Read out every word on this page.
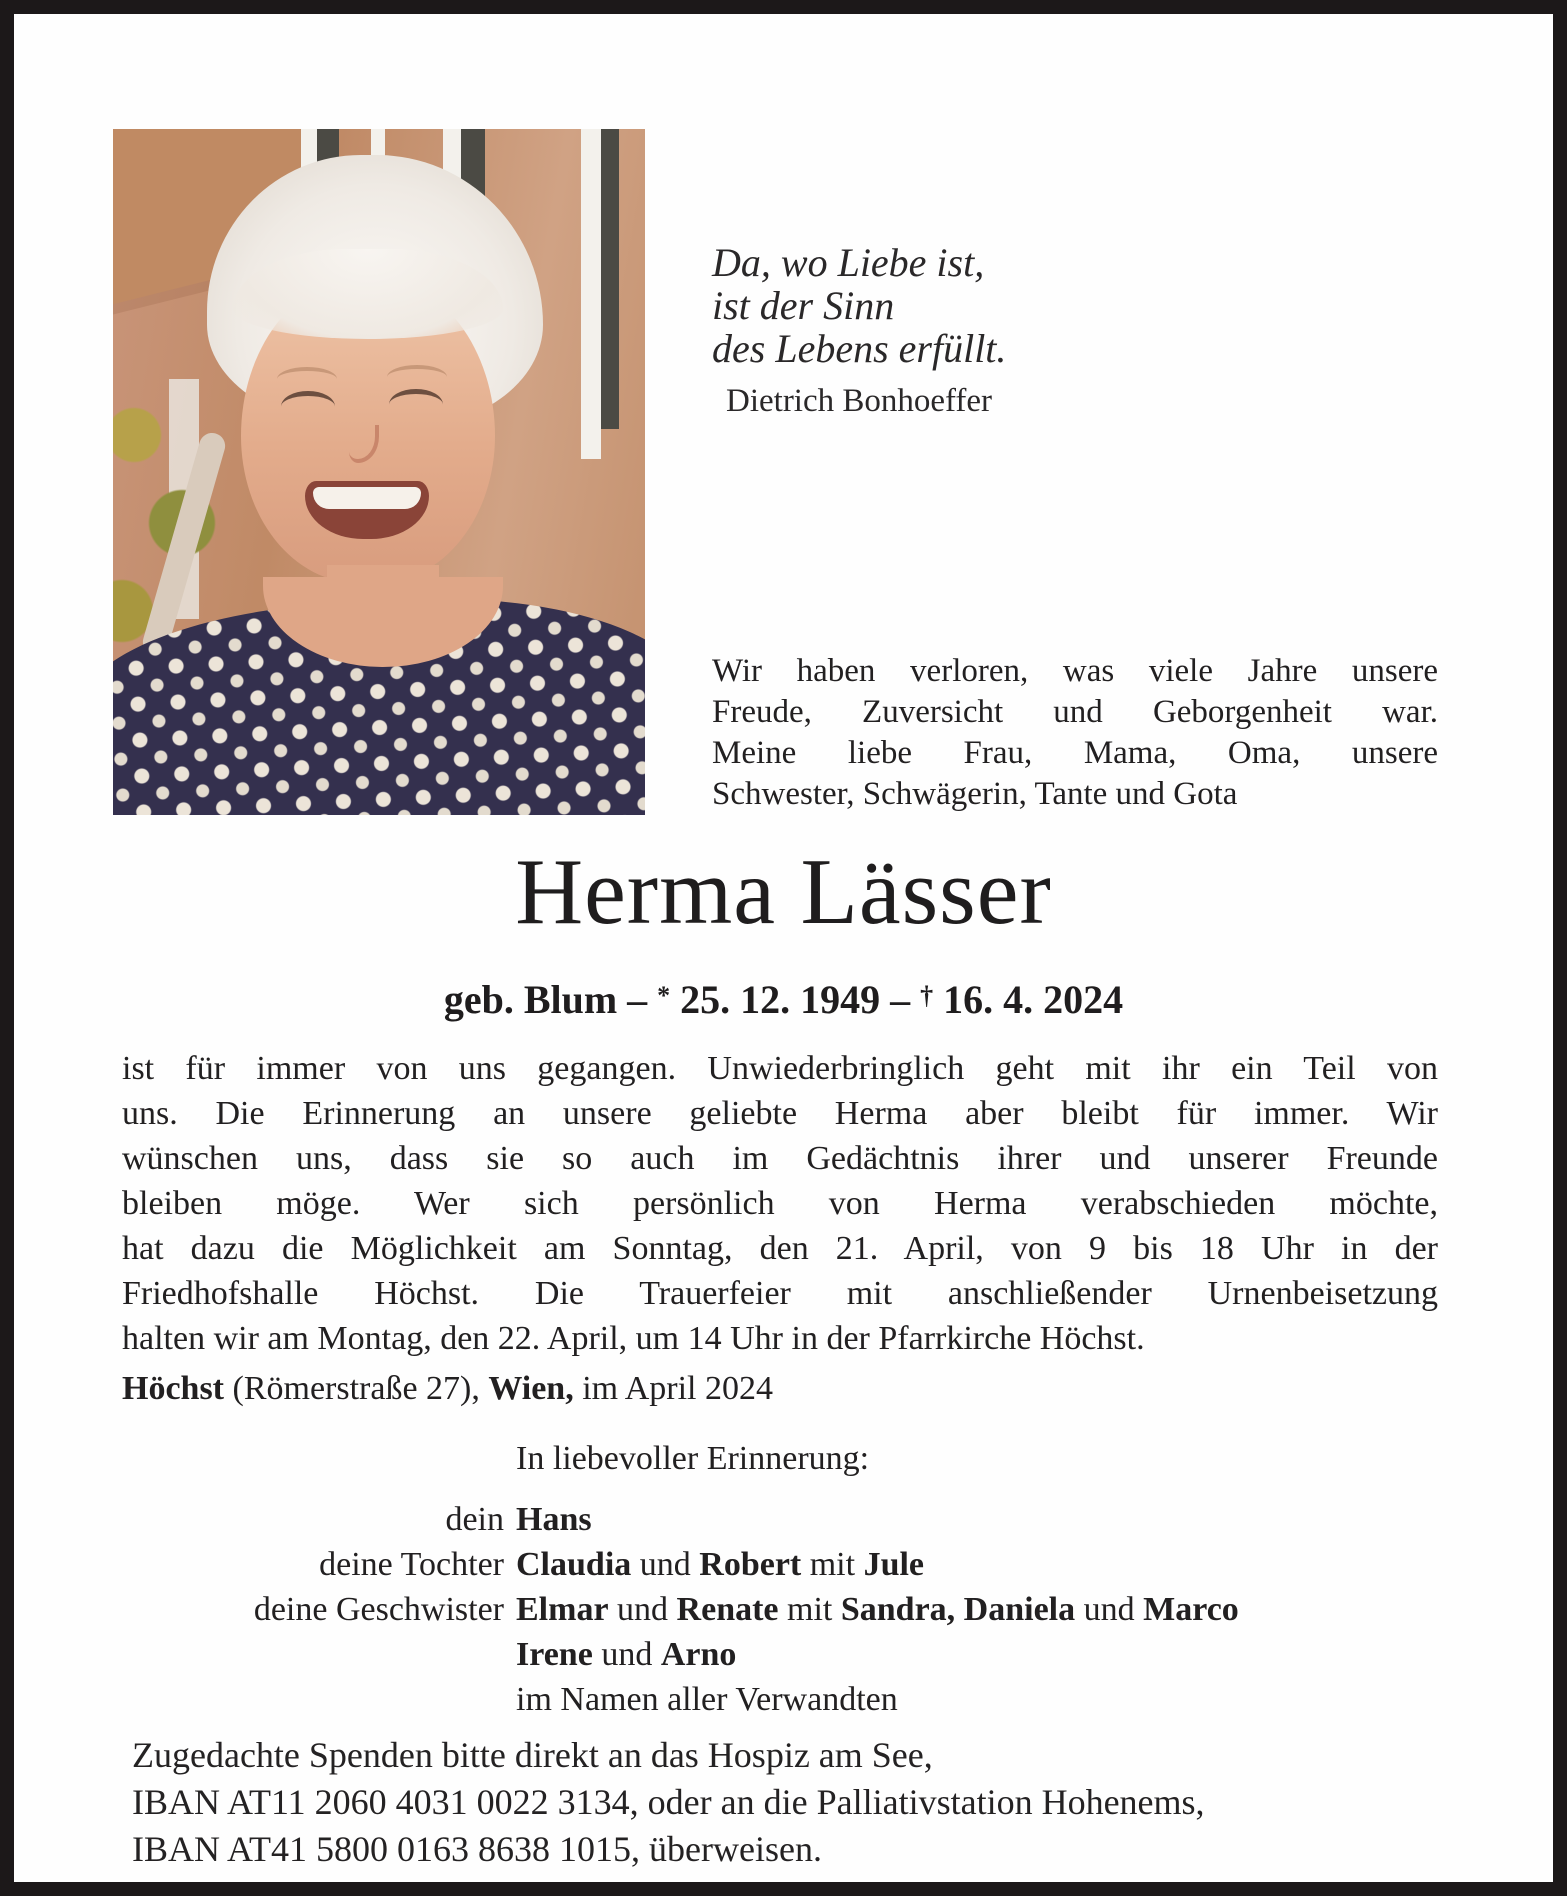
Da, wo Liebe ist,
ist der Sinn
des Lebens erfüllt.
Dietrich Bonhoeffer
Wir haben verloren, was viele Jahre unsere
Freude, Zuversicht und Geborgenheit war.
Meine liebe Frau, Mama, Oma, unsere
Schwester, Schwägerin, Tante und Gota
Herma Lässer
geb. Blum – * 25. 12. 1949 – † 16. 4. 2024
ist für immer von uns gegangen. Unwiederbringlich geht mit ihr ein Teil von
uns. Die Erinnerung an unsere geliebte Herma aber bleibt für immer. Wir
wünschen uns, dass sie so auch im Gedächtnis ihrer und unserer Freunde
bleiben möge. Wer sich persönlich von Herma verabschieden möchte,
hat dazu die Möglichkeit am Sonntag, den 21. April, von 9 bis 18 Uhr in der
Friedhofshalle Höchst. Die Trauerfeier mit anschließender Urnenbeisetzung
halten wir am Montag, den 22. April, um 14 Uhr in der Pfarrkirche Höchst.
Höchst (Römerstraße 27), Wien, im April 2024
In liebevoller Erinnerung:
dein Hans
deine Tochter Claudia und Robert mit Jule
deine Geschwister Elmar und Renate mit Sandra, Daniela und Marco
Irene und Arno
im Namen aller Verwandten
Zugedachte Spenden bitte direkt an das Hospiz am See,
IBAN AT11 2060 4031 0022 3134, oder an die Palliativstation Hohenems,
IBAN AT41 5800 0163 8638 1015, überweisen.
